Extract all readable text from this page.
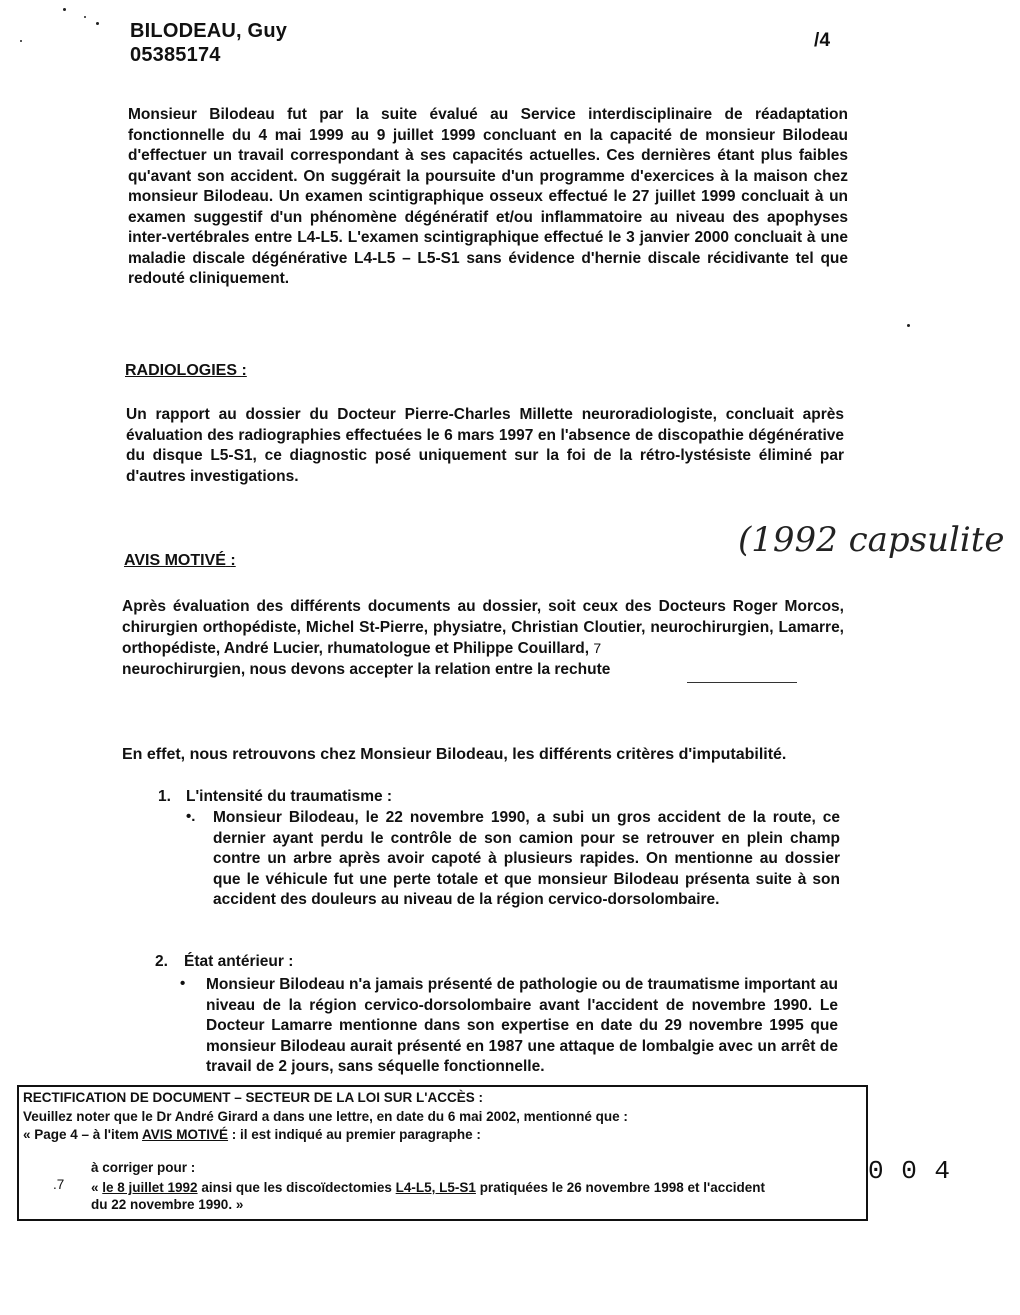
BILODEAU, Guy
05385174
/4
Monsieur Bilodeau fut par la suite évalué au Service interdisciplinaire de réadaptation fonctionnelle du 4 mai 1999 au 9 juillet 1999 concluant en la capacité de monsieur Bilodeau d'effectuer un travail correspondant à ses capacités actuelles. Ces dernières étant plus faibles qu'avant son accident. On suggérait la poursuite d'un programme d'exercices à la maison chez monsieur Bilodeau. Un examen scintigraphique osseux effectué le 27 juillet 1999 concluait à un examen suggestif d'un phénomène dégénératif et/ou inflammatoire au niveau des apophyses inter-vertébrales entre L4-L5. L'examen scintigraphique effectué le 3 janvier 2000 concluait à une maladie discale dégénérative L4-L5 – L5-S1 sans évidence d'hernie discale récidivante tel que redouté cliniquement.
RADIOLOGIES :
Un rapport au dossier du Docteur Pierre-Charles Millette neuroradiologiste, concluait après évaluation des radiographies effectuées le 6 mars 1997 en l'absence de discopathie dégénérative du disque L5-S1, ce diagnostic posé uniquement sur la foi de la rétro-lystésiste éliminé par d'autres investigations.
AVIS MOTIVÉ :
(1992 capsulite
Après évaluation des différents documents au dossier, soit ceux des Docteurs Roger Morcos, chirurgien orthopédiste, Michel St-Pierre, physiatre, Christian Cloutier, neurochirurgien, Lamarre, orthopédiste, André Lucier, rhumatologue et Philippe Couillard, 7
neurochirurgien, nous devons accepter la relation entre la rechute
En effet, nous retrouvons chez Monsieur Bilodeau, les différents critères d'imputabilité.
1. L'intensité du traumatisme :
•. Monsieur Bilodeau, le 22 novembre 1990, a subi un gros accident de la route, ce dernier ayant perdu le contrôle de son camion pour se retrouver en plein champ contre un arbre après avoir capoté à plusieurs rapides. On mentionne au dossier que le véhicule fut une perte totale et que monsieur Bilodeau présenta suite à son accident des douleurs au niveau de la région cervico-dorsolombaire.
2. État antérieur :
• Monsieur Bilodeau n'a jamais présenté de pathologie ou de traumatisme important au niveau de la région cervico-dorsolombaire avant l'accident de novembre 1990. Le Docteur Lamarre mentionne dans son expertise en date du 29 novembre 1995 que monsieur Bilodeau aurait présenté en 1987 une attaque de lombalgie avec un arrêt de travail de 2 jours, sans séquelle fonctionnelle.
RECTIFICATION DE DOCUMENT – SECTEUR DE LA LOI SUR L'ACCÈS :
Veuillez noter que le Dr André Girard a dans une lettre, en date du 6 mai 2002, mentionné que :
« Page 4 – à l'item AVIS MOTIVÉ : il est indiqué au premier paragraphe :
à corriger pour :
.7 « le 8 juillet 1992 ainsi que les discoïdectomies L4-L5, L5-S1 pratiquées le 26 novembre 1998 et l'accident
du 22 novembre 1990. »
0 0 4
